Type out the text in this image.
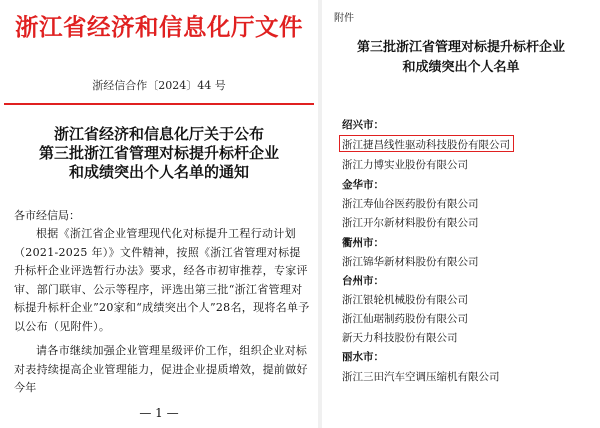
浙江省经济和信息化厅文件
浙经信合作〔2024〕44 号
浙江省经济和信息化厅关于公布
第三批浙江省管理对标提升标杆企业
和成绩突出个人名单的通知
各市经信局：
根据《浙江省企业管理现代化对标提升工程行动计划（2021-2025 年）》文件精神，按照《浙江省管理对标提升标杆企业评选暂行办法》要求，经各市初审推荐，专家评审、部门联审、公示等程序，评选出第三批“浙江省管理对标提升标杆企业”20家和“成绩突出个人”28名，现将名单予以公布（见附件）。
请各市继续加强企业管理星级评价工作，组织企业对标对表持续提高企业管理能力，促进企业提质增效，提前做好今年
— 1 —
附件
第三批浙江省管理对标提升标杆企业
和成绩突出个人名单
绍兴市：
浙江捷昌线性驱动科技股份有限公司
浙江力博实业股份有限公司
金华市：
浙江寿仙谷医药股份有限公司
浙江开尔新材料股份有限公司
衢州市：
浙江锦华新材料股份有限公司
台州市：
浙江银轮机械股份有限公司
浙江仙琚制药股份有限公司
新天力科技股份有限公司
丽水市：
浙江三田汽车空调压缩机有限公司
